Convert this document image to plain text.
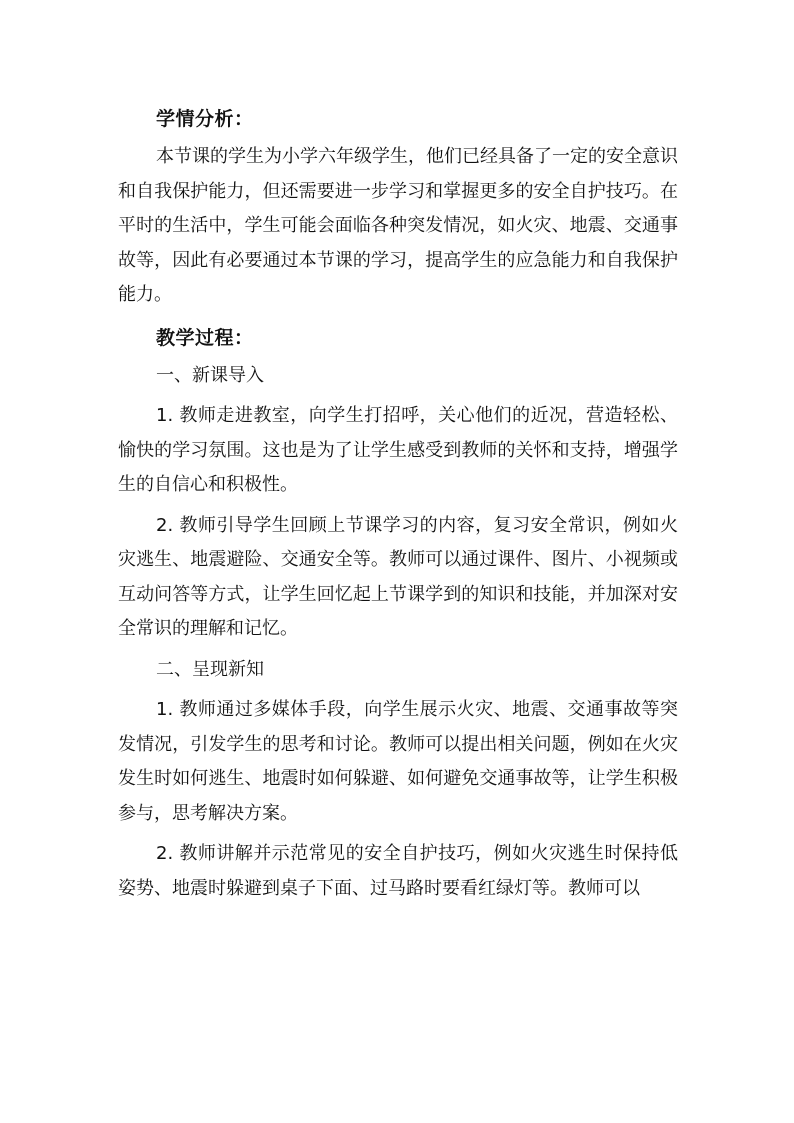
学情分析：

本节课的学生为小学六年级学生，他们已经具备了一定的安全意识和自我保护能力，但还需要进一步学习和掌握更多的安全自护技巧。在平时的生活中，学生可能会面临各种突发情况，如火灾、地震、交通事故等，因此有必要通过本节课的学习，提高学生的应急能力和自我保护能力。

教学过程：

一、新课导入

1. 教师走进教室，向学生打招呼，关心他们的近况，营造轻松、愉快的学习氛围。这也是为了让学生感受到教师的关怀和支持，增强学生的自信心和积极性。

2. 教师引导学生回顾上节课学习的内容，复习安全常识，例如火灾逃生、地震避险、交通安全等。教师可以通过课件、图片、小视频或互动问答等方式，让学生回忆起上节课学到的知识和技能，并加深对安全常识的理解和记忆。

二、呈现新知

1. 教师通过多媒体手段，向学生展示火灾、地震、交通事故等突发情况，引发学生的思考和讨论。教师可以提出相关问题，例如在火灾发生时如何逃生、地震时如何躲避、如何避免交通事故等，让学生积极参与，思考解决方案。

2. 教师讲解并示范常见的安全自护技巧，例如火灾逃生时保持低姿势、地震时躲避到桌子下面、过马路时要看红绿灯等。教师可以
